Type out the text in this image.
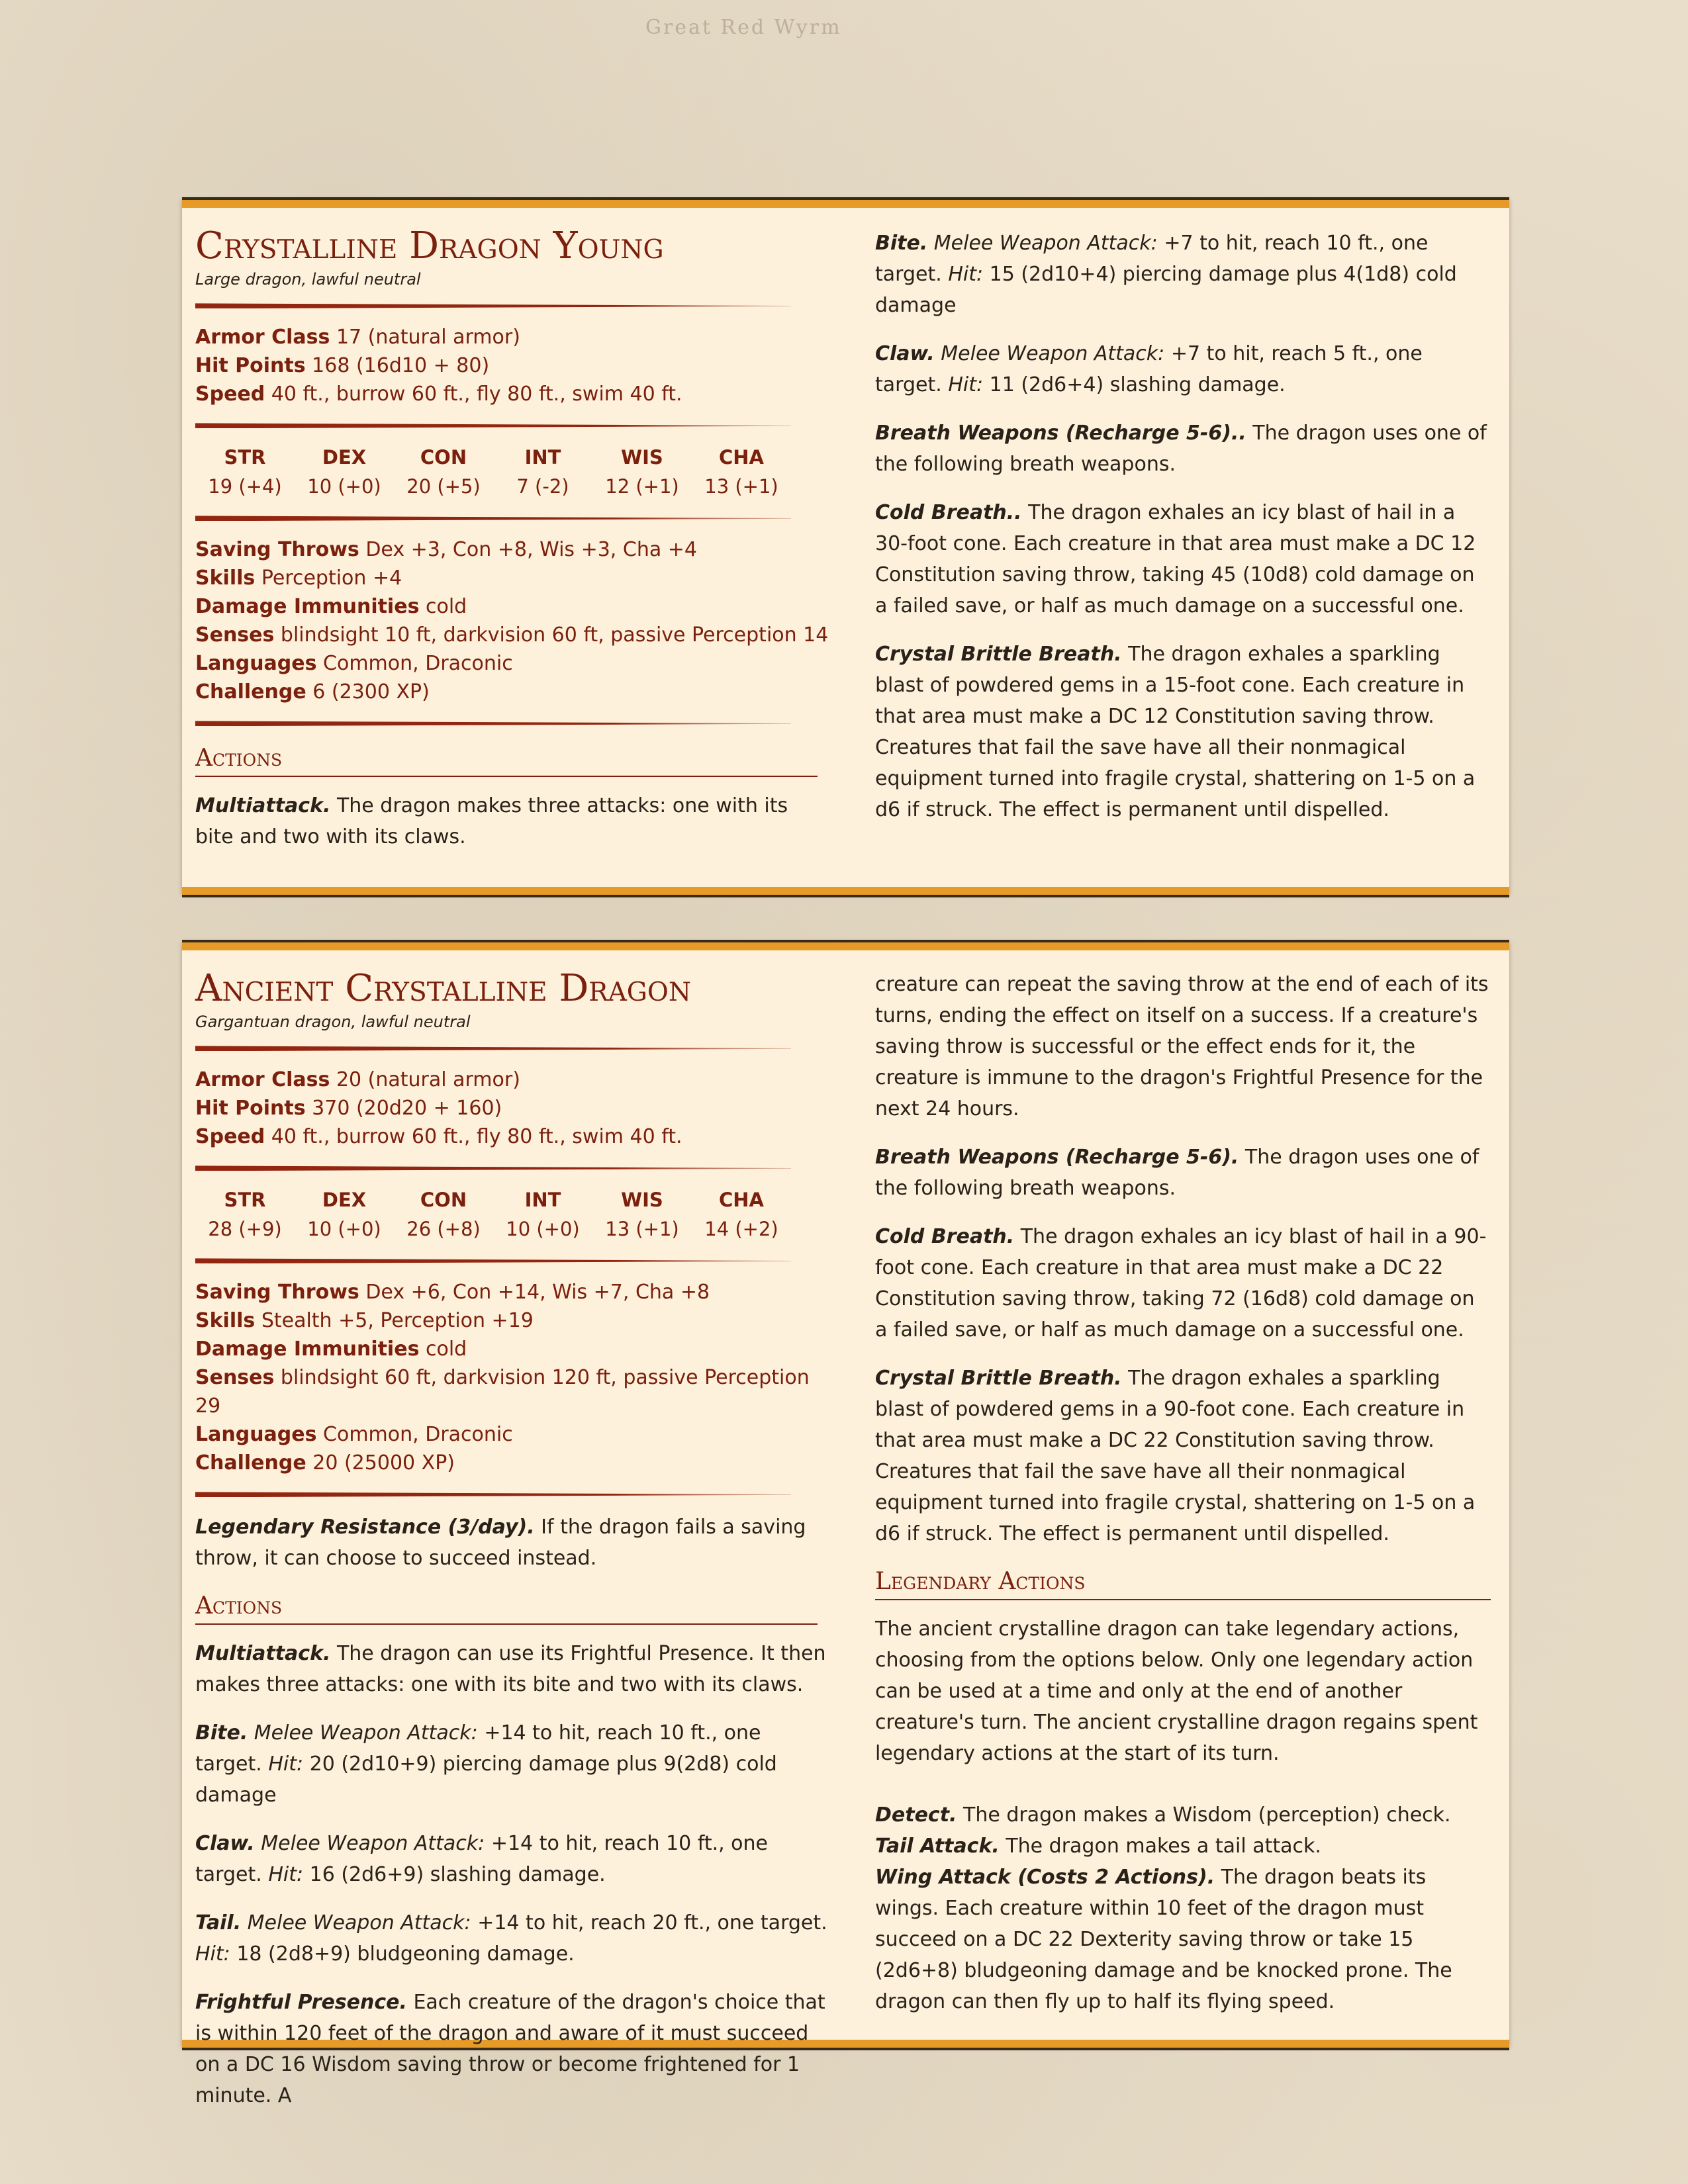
Great Red Wyrm
Crystalline Dragon Young
Large dragon, lawful neutral
Armor Class 17 (natural armor)
Hit Points 168 (16d10 + 80)
Speed 40 ft., burrow 60 ft., fly 80 ft., swim 40 ft.
STR
19 (+4)
DEX
10 (+0)
CON
20 (+5)
INT
7 (-2)
WIS
12 (+1)
CHA
13 (+1)
Saving Throws Dex +3, Con +8, Wis +3, Cha +4
Skills Perception +4
Damage Immunities cold
Senses blindsight 10 ft, darkvision 60 ft, passive Perception 14
Languages Common, Draconic
Challenge 6 (2300 XP)
Actions
Multiattack. The dragon makes three attacks: one with its bite and two with its claws.
Bite. Melee Weapon Attack: +7 to hit, reach 10 ft., one target. Hit: 15 (2d10+4) piercing damage plus 4(1d8) cold damage
Claw. Melee Weapon Attack: +7 to hit, reach 5 ft., one target. Hit: 11 (2d6+4) slashing damage.
Breath Weapons (Recharge 5-6).. The dragon uses one of the following breath weapons.
Cold Breath.. The dragon exhales an icy blast of hail in a 30-foot cone. Each creature in that area must make a DC 12 Constitution saving throw, taking 45 (10d8) cold damage on a failed save, or half as much damage on a successful one.
Crystal Brittle Breath. The dragon exhales a sparkling blast of powdered gems in a 15-foot cone. Each creature in that area must make a DC 12 Constitution saving throw. Creatures that fail the save have all their nonmagical equipment turned into fragile crystal, shattering on 1-5 on a d6 if struck. The effect is permanent until dispelled.
Ancient Crystalline Dragon
Gargantuan dragon, lawful neutral
Armor Class 20 (natural armor)
Hit Points 370 (20d20 + 160)
Speed 40 ft., burrow 60 ft., fly 80 ft., swim 40 ft.
STR
28 (+9)
DEX
10 (+0)
CON
26 (+8)
INT
10 (+0)
WIS
13 (+1)
CHA
14 (+2)
Saving Throws Dex +6, Con +14, Wis +7, Cha +8
Skills Stealth +5, Perception +19
Damage Immunities cold
Senses blindsight 60 ft, darkvision 120 ft, passive Perception 29
Languages Common, Draconic
Challenge 20 (25000 XP)
Legendary Resistance (3/day). If the dragon fails a saving throw, it can choose to succeed instead.
Actions
Multiattack. The dragon can use its Frightful Presence. It then makes three attacks: one with its bite and two with its claws.
Bite. Melee Weapon Attack: +14 to hit, reach 10 ft., one target. Hit: 20 (2d10+9) piercing damage plus 9(2d8) cold damage
Claw. Melee Weapon Attack: +14 to hit, reach 10 ft., one target. Hit: 16 (2d6+9) slashing damage.
Tail. Melee Weapon Attack: +14 to hit, reach 20 ft., one target. Hit: 18 (2d8+9) bludgeoning damage.
Frightful Presence. Each creature of the dragon's choice that is within 120 feet of the dragon and aware of it must succeed on a DC 16 Wisdom saving throw or become frightened for 1 minute. A
creature can repeat the saving throw at the end of each of its turns, ending the effect on itself on a success. If a creature's saving throw is successful or the effect ends for it, the creature is immune to the dragon's Frightful Presence for the next 24 hours.
Breath Weapons (Recharge 5-6). The dragon uses one of the following breath weapons.
Cold Breath. The dragon exhales an icy blast of hail in a 90-foot cone. Each creature in that area must make a DC 22 Constitution saving throw, taking 72 (16d8) cold damage on a failed save, or half as much damage on a successful one.
Crystal Brittle Breath. The dragon exhales a sparkling blast of powdered gems in a 90-foot cone. Each creature in that area must make a DC 22 Constitution saving throw. Creatures that fail the save have all their nonmagical equipment turned into fragile crystal, shattering on 1-5 on a d6 if struck. The effect is permanent until dispelled.
Legendary Actions
The ancient crystalline dragon can take legendary actions, choosing from the options below. Only one legendary action can be used at a time and only at the end of another creature's turn. The ancient crystalline dragon regains spent legendary actions at the start of its turn.
Detect. The dragon makes a Wisdom (perception) check.
Tail Attack. The dragon makes a tail attack.
Wing Attack (Costs 2 Actions). The dragon beats its wings. Each creature within 10 feet of the dragon must succeed on a DC 22 Dexterity saving throw or take 15 (2d6+8) bludgeoning damage and be knocked prone. The dragon can then fly up to half its flying speed.
